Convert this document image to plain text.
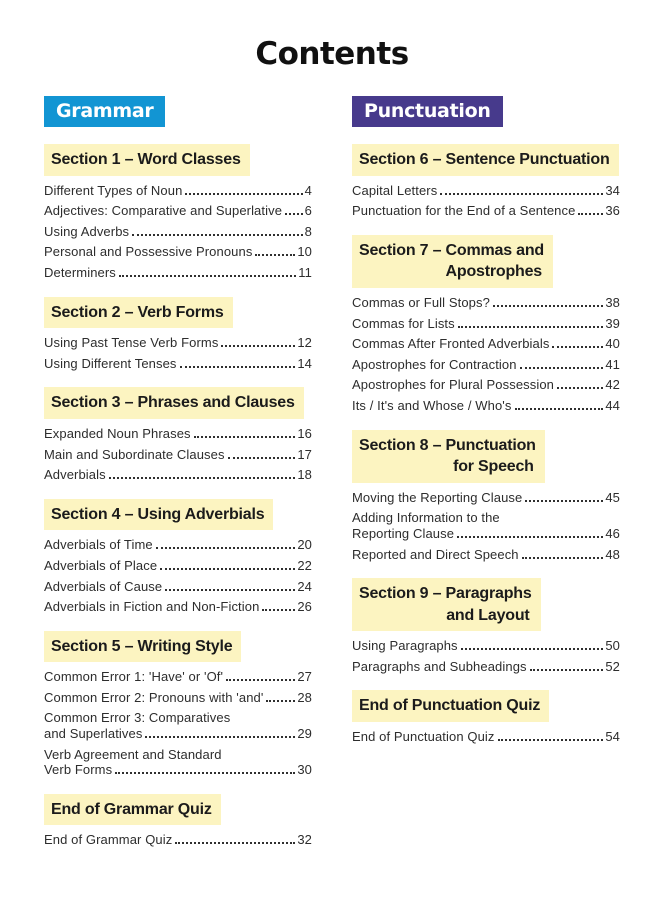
Contents
Grammar
Section 1 – Word Classes
Different Types of Noun	4
Adjectives: Comparative and Superlative 6
Using Adverbs	8
Personal and Possessive Pronouns	10
Determiners	11
Section 2 – Verb Forms
Using Past Tense Verb Forms	12
Using Different Tenses	14
Section 3 – Phrases and Clauses
Expanded Noun Phrases	16
Main and Subordinate Clauses	17
Adverbials	18
Section 4 – Using Adverbials
Adverbials of Time	20
Adverbials of Place	22
Adverbials of Cause	24
Adverbials in Fiction and Non-Fiction	26
Section 5 – Writing Style
Common Error 1: 'Have' or 'Of'	27
Common Error 2: Pronouns with 'and'	28
Common Error 3: Comparatives
and Superlatives	29
Verb Agreement and Standard
Verb Forms	30
End of Grammar Quiz
End of Grammar Quiz	32
Punctuation
Section 6 – Sentence Punctuation
Capital Letters	34
Punctuation for the End of a Sentence 36
Section 7 – Commas and
Apostrophes
Commas or Full Stops?	38
Commas for Lists	39
Commas After Fronted Adverbials	40
Apostrophes for Contraction	41
Apostrophes for Plural Possession	42
Its / It's and Whose / Who's	44
Section 8 – Punctuation
for Speech
Moving the Reporting Clause	45
Adding Information to the
Reporting Clause	46
Reported and Direct Speech	48
Section 9 – Paragraphs
and Layout
Using Paragraphs	50
Paragraphs and Subheadings	52
End of Punctuation Quiz
End of Punctuation Quiz	54
